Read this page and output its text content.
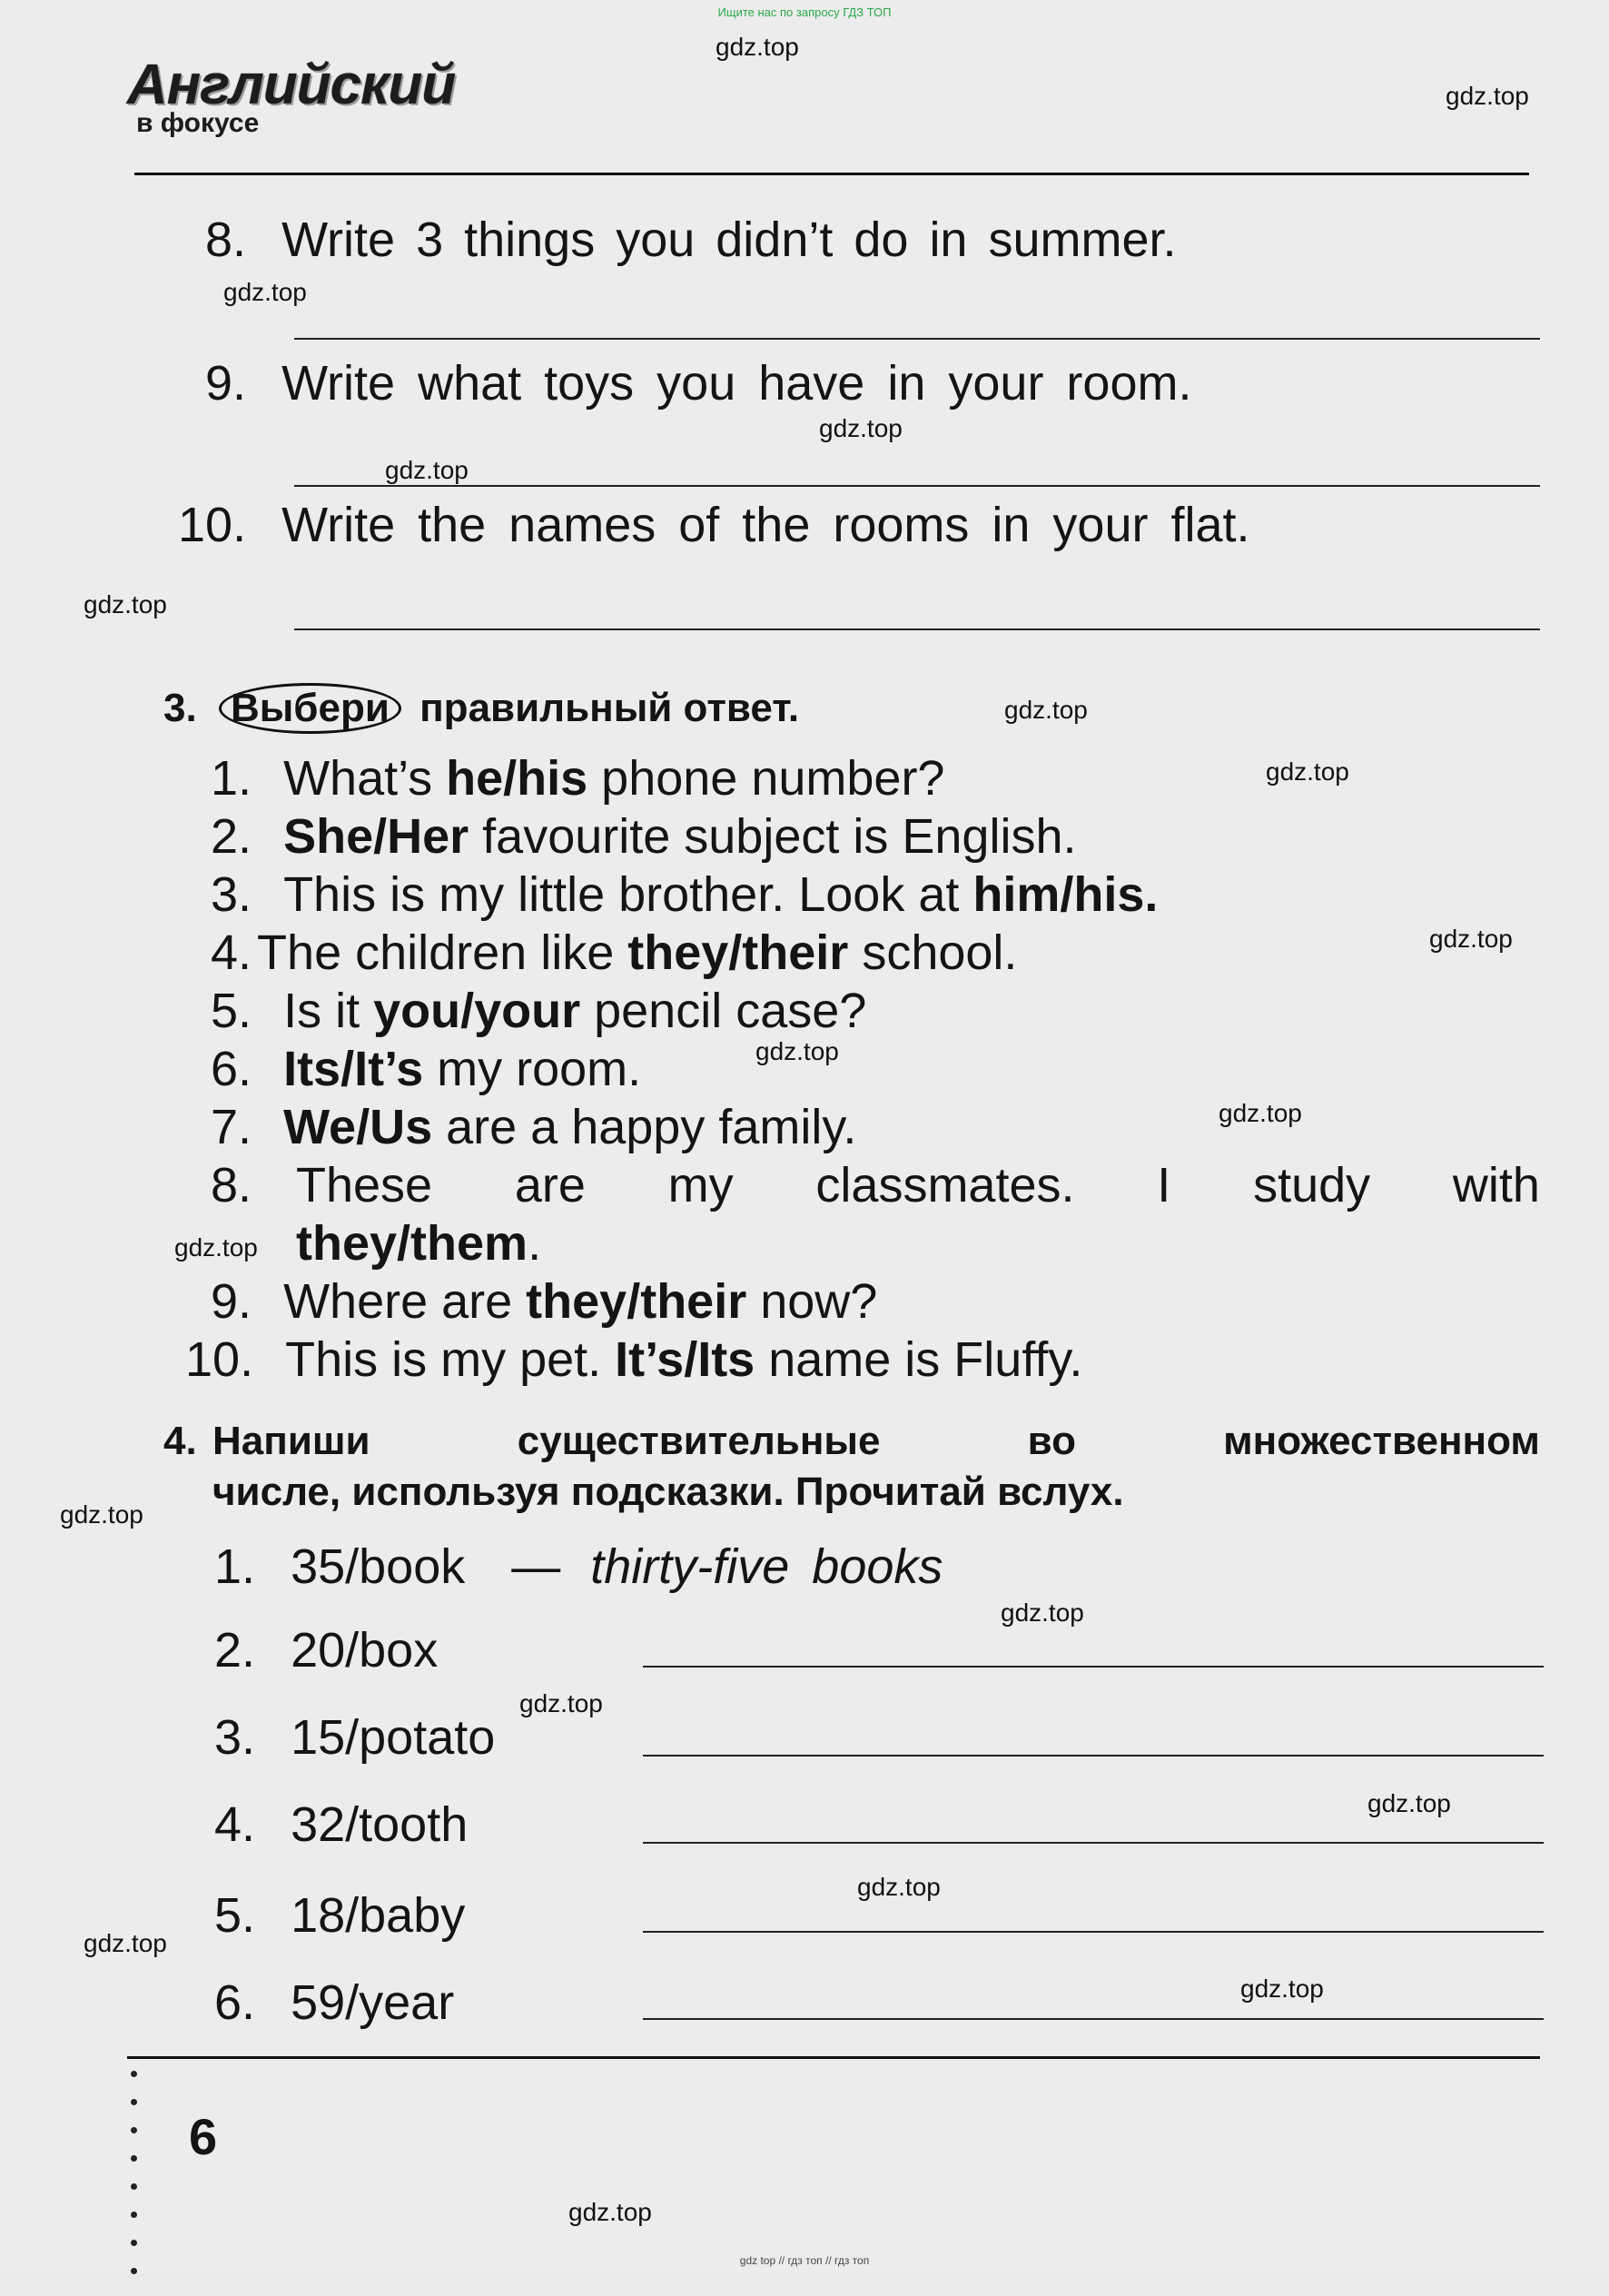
Ищите нас по запросу ГДЗ ТОП
Английский
в фокусе
8. Write 3 things you didn’t do in summer.
9. Write what toys you have in your room.
10. Write the names of the rooms in your flat.
3. Выбери правильный ответ.
1. What’s he/his phone number?
2. She/Her favourite subject is English.
3. This is my little brother. Look at him/his.
4. The children like they/their school.
5. Is it you/your pencil case?
6. Its/It’s my room.
7. We/Us are a happy family.
8. These are my classmates. I study with
they/them.
9. Where are they/their now?
10. This is my pet. It’s/Its name is Fluffy.
4. Напиши	существительные	во	множественном
числе, используя подсказки. Прочитай вслух.
1. 35/book — thirty-five books
2. 20/box
3. 15/potato
4. 32/tooth
5. 18/baby
6. 59/year
6
gdz.top
gdz.top
gdz.top
gdz.top
gdz.top
gdz.top
gdz.top
gdz.top
gdz.top
gdz.top
gdz.top
gdz.top
gdz.top
gdz.top
gdz.top
gdz.top
gdz.top
gdz.top
gdz.top
gdz.top
gdz top // гдз топ // гдз топ
